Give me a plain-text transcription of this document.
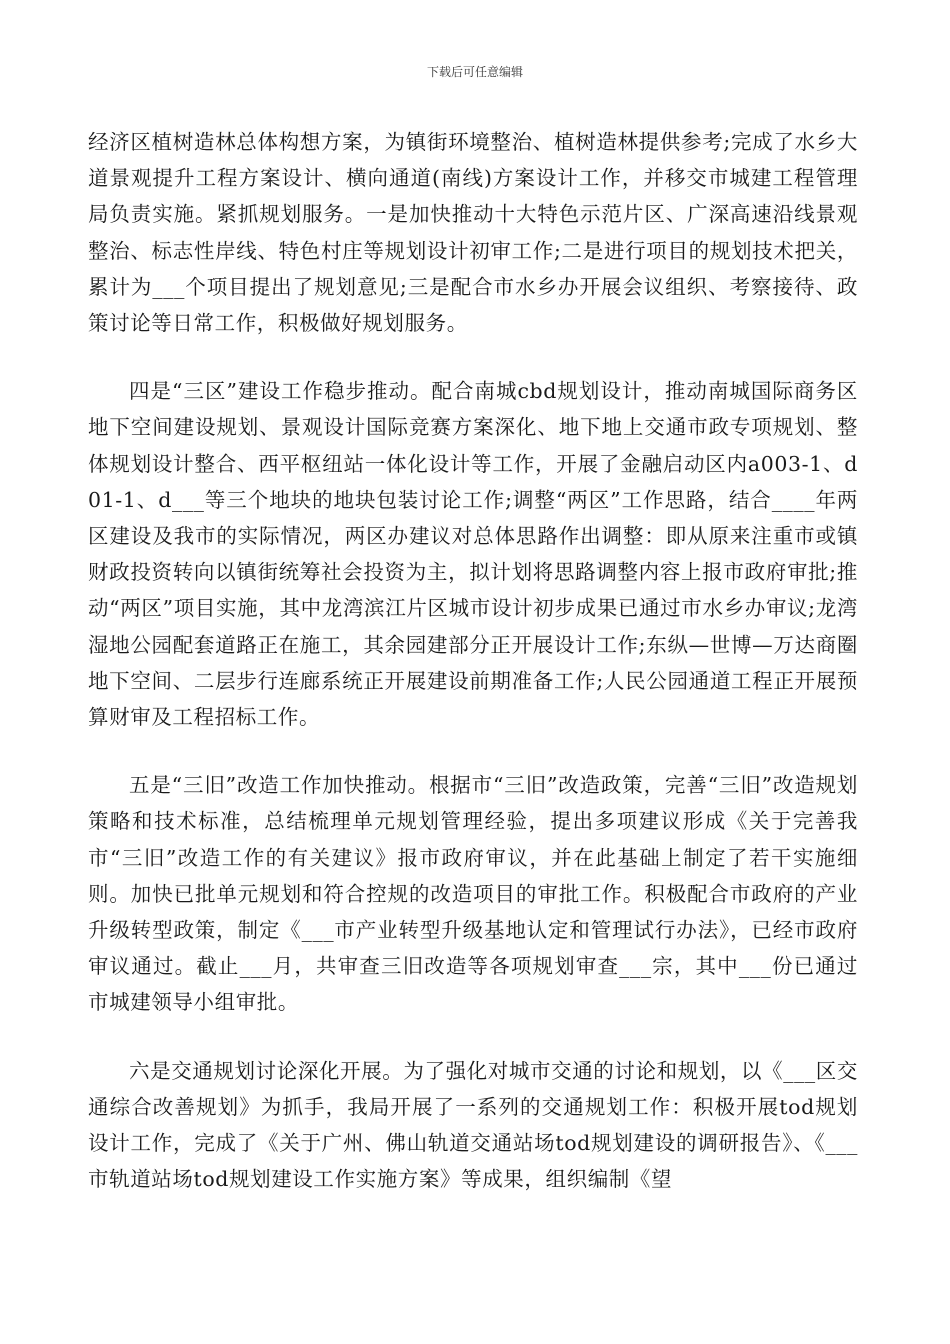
下载后可任意编辑

经济区植树造林总体构想方案，为镇街环境整治、植树造林提供参考;完成了水乡大道景观提升工程方案设计、横向通道(南线)方案设计工作，并移交市城建工程管理局负责实施。紧抓规划服务。一是加快推动十大特色示范片区、广深高速沿线景观整治、标志性岸线、特色村庄等规划设计初审工作;二是进行项目的规划技术把关，累计为___个项目提出了规划意见;三是配合市水乡办开展会议组织、考察接待、政策讨论等日常工作，积极做好规划服务。

四是“三区”建设工作稳步推动。配合南城cbd规划设计，推动南城国际商务区地下空间建设规划、景观设计国际竞赛方案深化、地下地上交通市政专项规划、整体规划设计整合、西平枢纽站一体化设计等工作，开展了金融启动区内a003-1、d01-1、d___等三个地块的地块包装讨论工作;调整“两区”工作思路，结合____年两区建设及我市的实际情况，两区办建议对总体思路作出调整：即从原来注重市或镇财政投资转向以镇街统筹社会投资为主，拟计划将思路调整内容上报市政府审批;推动“两区”项目实施，其中龙湾滨江片区城市设计初步成果已通过市水乡办审议;龙湾湿地公园配套道路正在施工，其余园建部分正开展设计工作;东纵—世博—万达商圈地下空间、二层步行连廊系统正开展建设前期准备工作;人民公园通道工程正开展预算财审及工程招标工作。

五是“三旧”改造工作加快推动。根据市“三旧”改造政策，完善“三旧”改造规划策略和技术标准，总结梳理单元规划管理经验，提出多项建议形成《关于完善我市“三旧”改造工作的有关建议》报市政府审议，并在此基础上制定了若干实施细则。加快已批单元规划和符合控规的改造项目的审批工作。积极配合市政府的产业升级转型政策，制定《___市产业转型升级基地认定和管理试行办法》，已经市政府审议通过。截止___月，共审查三旧改造等各项规划审查___宗，其中___份已通过市城建领导小组审批。

六是交通规划讨论深化开展。为了强化对城市交通的讨论和规划，以《___区交通综合改善规划》为抓手，我局开展了一系列的交通规划工作：积极开展tod规划设计工作，完成了《关于广州、佛山轨道交通站场tod规划建设的调研报告》、《___市轨道站场tod规划建设工作实施方案》等成果，组织编制《望
